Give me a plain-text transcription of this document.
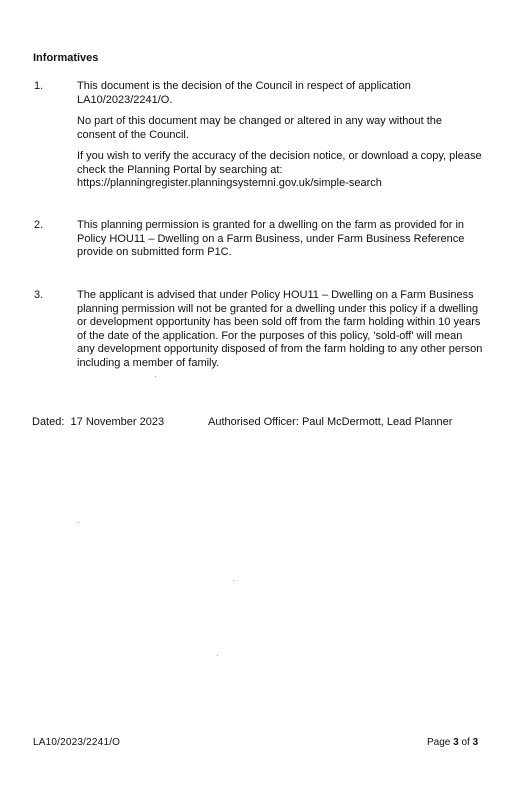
Informatives
1.	This document is the decision of the Council in respect of application
LA10/2023/2241/O.
No part of this document may be changed or altered in any way without the
consent of the Council.
If you wish to verify the accuracy of the decision notice, or download a copy, please
check the Planning Portal by searching at:
https://planningregister.planningsystemni.gov.uk/simple-search
2.	This planning permission is granted for a dwelling on the farm as provided for in
Policy HOU11 – Dwelling on a Farm Business, under Farm Business Reference
provide on submitted form P1C.
3.	The applicant is advised that under Policy HOU11 – Dwelling on a Farm Business
planning permission will not be granted for a dwelling under this policy if a dwelling
or development opportunity has been sold off from the farm holding within 10 years
of the date of the application. For the purposes of this policy, 'sold-off' will mean
any development opportunity disposed of from the farm holding to any other person
including a member of family.
Dated: 17 November 2023	Authorised Officer: Paul McDermott, Lead Planner
LA10/2023/2241/O	Page 3 of 3
